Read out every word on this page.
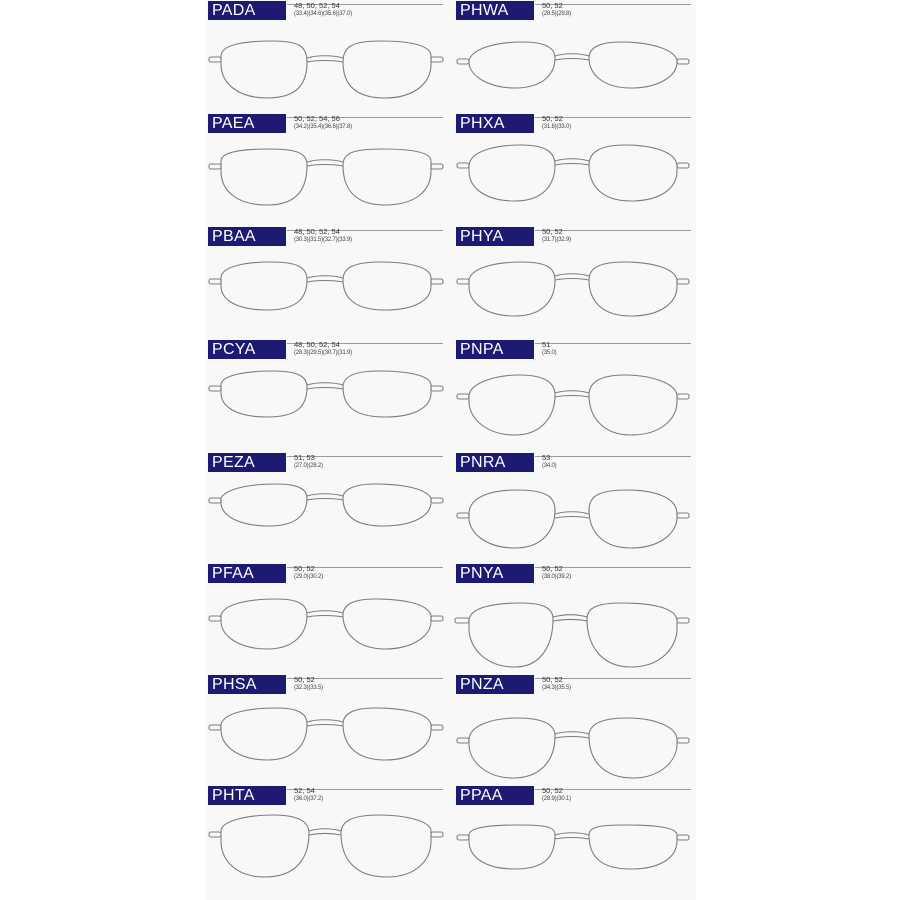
PADA	48, 50, 52, 54
(33.4)(34.6)(35.6)(37.0)
PAEA	50, 52, 54, 56
(34.2)(35.4)(36.6)(37.8)
PBAA	48, 50, 52, 54
(30.3)(31.5)(32.7)(33.9)
PCYA	48, 50, 52, 54
(28.3)(29.5)(30.7)(31.9)
PEZA	51, 53
(27.0)(28.2)
PFAA	50, 52
(29.0)(30.2)
PHSA	50, 52
(32.3)(33.5)
PHTA	52, 54
(36.0)(37.2)
PHWA	50, 52
(28.5)(29.8)
PHXA	50, 52
(31.8)(33.0)
PHYA	50, 52
(31.7)(32.9)
PNPA	51
(35.0)
PNRA	53
(34.0)
PNYA	50, 52
(38.0)(39.2)
PNZA	50, 52
(34.3)(35.5)
PPAA	50, 52
(28.9)(30.1)
